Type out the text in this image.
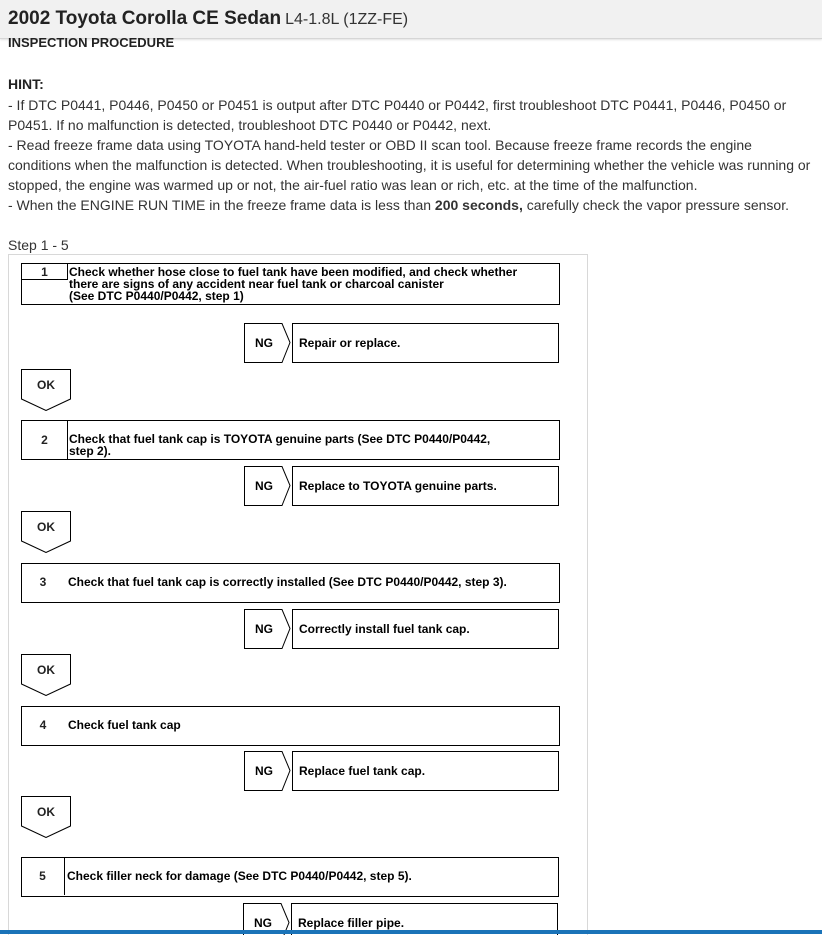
2002 Toyota Corolla CE Sedan L4-1.8L (1ZZ-FE)
INSPECTION PROCEDURE
HINT:

- If DTC P0441, P0446, P0450 or P0451 is output after DTC P0440 or P0442, first troubleshoot DTC P0441, P0446, P0450 or P0451. If no malfunction is detected, troubleshoot DTC P0440 or P0442, next.

- Read freeze frame data using TOYOTA hand-held tester or OBD II scan tool. Because freeze frame records the engine conditions when the malfunction is detected. When troubleshooting, it is useful for determining whether the vehicle was running or stopped, the engine was warmed up or not, the air-fuel ratio was lean or rich, etc. at the time of the malfunction.

- When the ENGINE RUN TIME in the freeze frame data is less than 200 seconds, carefully check the vapor pressure sensor.

Step 1 - 5
1	Check whether hose close to fuel tank have been modified, and check whether
there are signs of any accident near fuel tank or charcoal canister
(See DTC P0440/P0442, step 1)
NG	Repair or replace.
OK
2	Check that fuel tank cap is TOYOTA genuine parts (See DTC P0440/P0442,
step 2).
NG	Replace to TOYOTA genuine parts.
OK
3	Check that fuel tank cap is correctly installed (See DTC P0440/P0442, step 3).
NG	Correctly install fuel tank cap.
OK
4	Check fuel tank cap
NG	Replace fuel tank cap.
OK
5	Check filler neck for damage (See DTC P0440/P0442, step 5).
NG	Replace filler pipe.
